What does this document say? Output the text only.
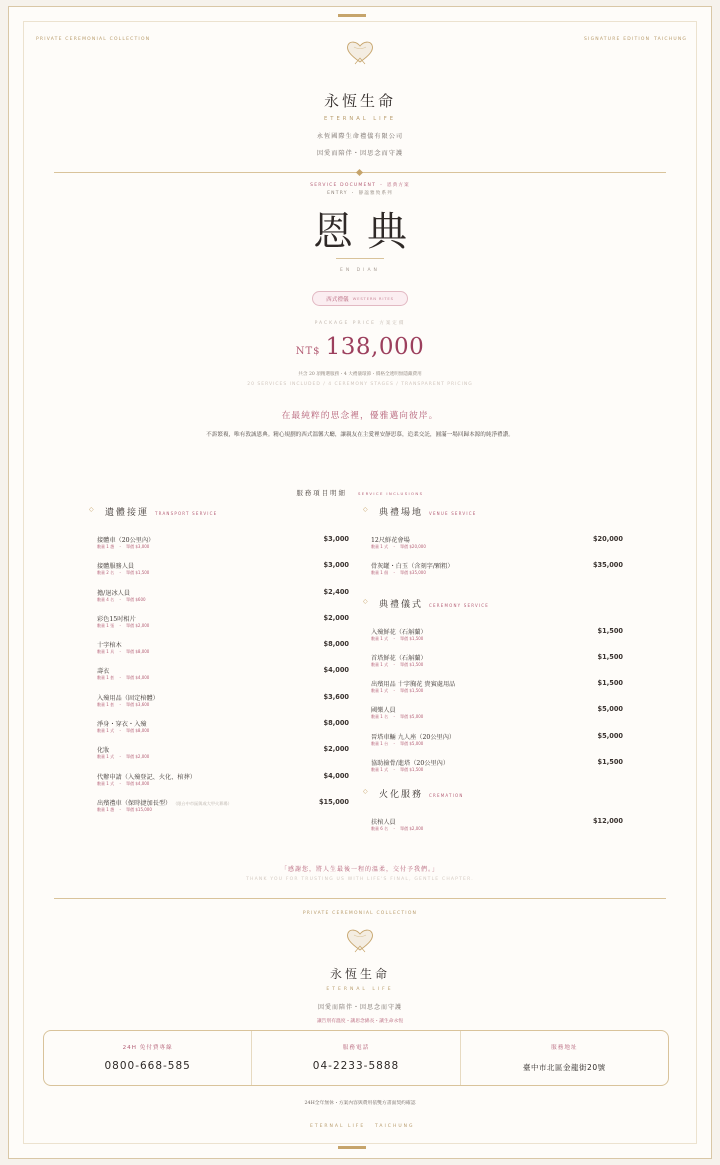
PRIVATE CEREMONIAL COLLECTION	SIGNATURE EDITION TAICHUNG
永恆生命
ETERNAL LIFE
永恆國際生命禮儀有限公司
因愛而陪伴・因思念而守護
SERVICE DOCUMENT ・ 恩典方案
ENTRY ・ 靜謐雅致系列
恩典
EN DIAN
西式禮儀 WESTERN RITES
PACKAGE PRICE 方案定價
NT$ 138,000
共含 20 項精選服務・4 大禮儀環節・價格全透明無隱藏費用
20 SERVICES INCLUDED / 4 CEREMONY STAGES / TRANSPARENT PRICING
在最純粹的思念裡，優雅邁向彼岸。
不訴繁複，唯有敦誠恩典。精心規劃的西式溫馨大廳，讓親友在主愛裡安靜思慕，追柔交託，圓滿一場回歸本源的純淨禮讚。
服務項目明細	SERVICE INCLUSIONS
◇ 遺體接運 TRANSPORT SERVICE
接體車（20公里內）
數量 1 趟　・　單價 $3,000
$3,000
接體服務人員
數量 2 名　・　單價 $1,500
$3,000
擔/退冰人員
數量 4 名　・　單價 $600
$2,400
彩色15吋相片
數量 1 張　・　單價 $2,000
$2,000
十字棺木
數量 1 具　・　單價 $8,000
$8,000
壽衣
數量 1 套　・　單價 $4,000
$4,000
入殮用品（固定棺體）
數量 1 套　・　單價 $3,600
$3,600
淨身・穿衣・入殮
數量 1 式　・　單價 $8,000
$8,000
化妝
數量 1 式　・　單價 $2,000
$2,000
代辦申請（入殮登記、火化、棺葬）
數量 1 式　・　單價 $4,000
$4,000
出殯禮車（保時捷加長型） （限台中市區與或大甲火葬場）
數量 1 趟　・　單價 $15,000
$15,000
◇ 典禮場地 VENUE SERVICE
12尺鮮花會場
數量 1 式　・　單價 $20,000
$20,000
骨灰罐・白玉（含刻字/顆粗）
數量 1 個　・　單價 $35,000
$35,000
◇ 典禮儀式 CEREMONY SERVICE
入殮鮮花（石斛蘭）
數量 1 式　・　單價 $1,500
$1,500
首塔鮮花（石斛蘭）
數量 1 式　・　單價 $1,500
$1,500
出殯用品 十字胸花 貴賓處用品
數量 1 式　・　單價 $1,500
$1,500
國樂人員
數量 1 名　・　單價 $5,000
$5,000
晉塔車輛 九人座（20公里內）
數量 1 台　・　單價 $5,000
$5,000
協助撿骨/進塔（20公里內）
數量 1 式　・　單價 $1,500
$1,500
◇ 火化服務 CREMATION
扶棺人員
數量 6 名　・　單價 $2,000
$12,000
「感謝您，將人生最後一程的溫柔，交付予我們。」
THANK YOU FOR TRUSTING US WITH LIFE'S FINAL, GENTLE CHAPTER.
PRIVATE CEREMONIAL COLLECTION
永恆生命
ETERNAL LIFE
因愛而陪伴・因思念而守護
讓告別有溫度・讓思念綿長・讓生命永恆
24H 免付費專線
0800-668-585
服務電話
04-2233-5888
服務地址
臺中市北區金龍街20號
24H全年無休・方案內容與費用依雙方書面契約確認
ETERNAL LIFE TAICHUNG
